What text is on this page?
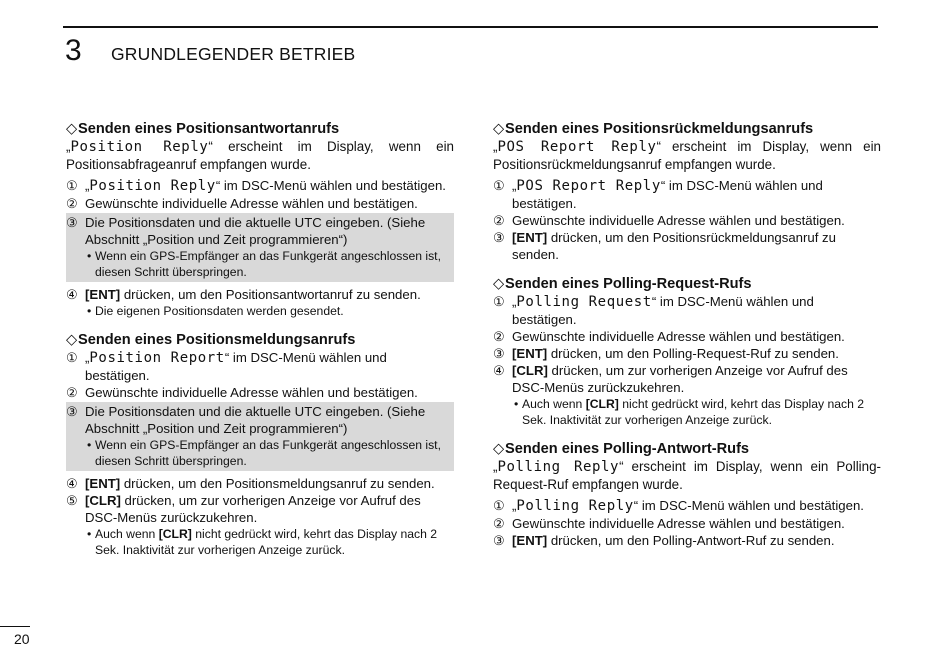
3 GRUNDLEGENDER BETRIEB
◇Senden eines Positionsantwortanrufs
„Position Reply“ erscheint im Display, wenn ein Positionsabfrageanruf empfangen wurde.
① „Position Reply“ im DSC-Menü wählen und bestätigen.
② Gewünschte individuelle Adresse wählen und bestätigen.
③ Die Positionsdaten und die aktuelle UTC eingeben. (Siehe Abschnitt „Position und Zeit programmieren“)
• Wenn ein GPS-Empfänger an das Funkgerät angeschlossen ist, diesen Schritt überspringen.
④ [ENT] drücken, um den Positionsantwortanruf zu senden.
• Die eigenen Positionsdaten werden gesendet.
◇Senden eines Positionsmeldungsanrufs
① „Position Report“ im DSC-Menü wählen und bestätigen.
② Gewünschte individuelle Adresse wählen und bestätigen.
③ Die Positionsdaten und die aktuelle UTC eingeben. (Siehe Abschnitt „Position und Zeit programmieren“)
• Wenn ein GPS-Empfänger an das Funkgerät angeschlossen ist, diesen Schritt überspringen.
④ [ENT] drücken, um den Positionsmeldungsanruf zu senden.
⑤ [CLR] drücken, um zur vorherigen Anzeige vor Aufruf des DSC-Menüs zurückzukehren.
• Auch wenn [CLR] nicht gedrückt wird, kehrt das Display nach 2 Sek. Inaktivität zur vorherigen Anzeige zurück.
◇Senden eines Positionsrückmeldungsanrufs
„POS Report Reply“ erscheint im Display, wenn ein Positionsrückmeldungsanruf empfangen wurde.
① „POS Report Reply“ im DSC-Menü wählen und bestätigen.
② Gewünschte individuelle Adresse wählen und bestätigen.
③ [ENT] drücken, um den Positionsrückmeldungsanruf zu senden.
◇Senden eines Polling-Request-Rufs
① „Polling Request“ im DSC-Menü wählen und bestätigen.
② Gewünschte individuelle Adresse wählen und bestätigen.
③ [ENT] drücken, um den Polling-Request-Ruf zu senden.
④ [CLR] drücken, um zur vorherigen Anzeige vor Aufruf des DSC-Menüs zurückzukehren.
• Auch wenn [CLR] nicht gedrückt wird, kehrt das Display nach 2 Sek. Inaktivität zur vorherigen Anzeige zurück.
◇Senden eines Polling-Antwort-Rufs
„Polling Reply“ erscheint im Display, wenn ein Polling-Request-Ruf empfangen wurde.
① „Polling Reply“ im DSC-Menü wählen und bestätigen.
② Gewünschte individuelle Adresse wählen und bestätigen.
③ [ENT] drücken, um den Polling-Antwort-Ruf zu senden.
20
